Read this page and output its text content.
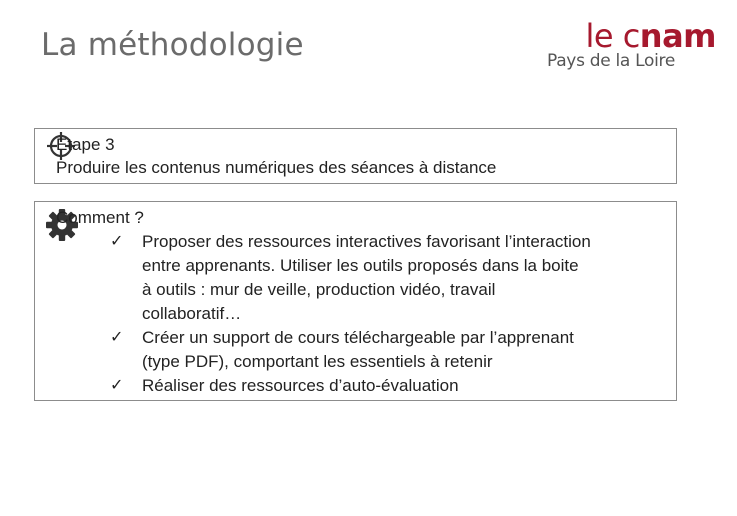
La méthodologie	le cnam
Pays de la Loire
Etape 3
Produire les contenus numériques des séances à distance
Comment ?
✓ Proposer des ressources interactives favorisant l’interaction
entre apprenants. Utiliser les outils proposés dans la boite
à outils : mur de veille, production vidéo, travail
collaboratif…
✓ Créer un support de cours téléchargeable par l’apprenant
(type PDF), comportant les essentiels à retenir
✓ Réaliser des ressources d’auto-évaluation
